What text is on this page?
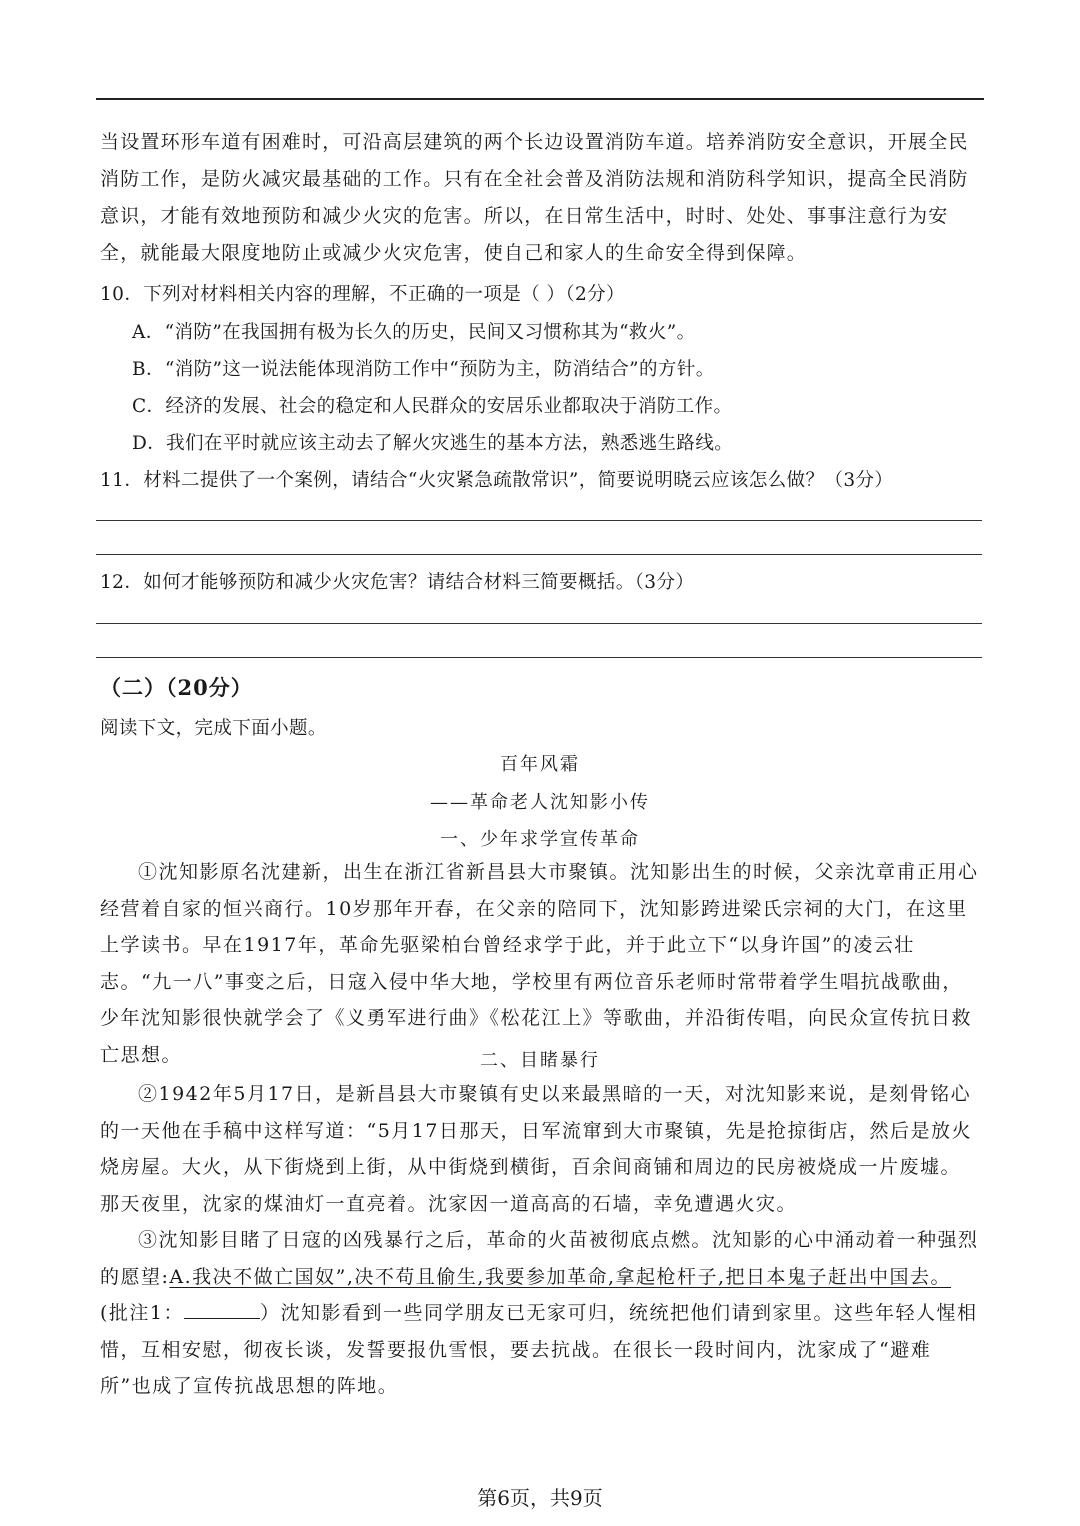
当设置环形车道有困难时，可沿高层建筑的两个长边设置消防车道。培养消防安全意识，开展全民消防工作，是防火减灾最基础的工作。只有在全社会普及消防法规和消防科学知识，提高全民消防意识，才能有效地预防和减少火灾的危害。所以，在日常生活中，时时、处处、事事注意行为安全，就能最大限度地防止或减少火灾危害，使自己和家人的生命安全得到保障。
10．下列对材料相关内容的理解，不正确的一项是（ ）（2分）
A．“消防”在我国拥有极为长久的历史，民间又习惯称其为“救火”。
B．“消防”这一说法能体现消防工作中“预防为主，防消结合”的方针。
C．经济的发展、社会的稳定和人民群众的安居乐业都取决于消防工作。
D．我们在平时就应该主动去了解火灾逃生的基本方法，熟悉逃生路线。
11．材料二提供了一个案例，请结合“火灾紧急疏散常识”，简要说明晓云应该怎么做？（3分）
12．如何才能够预防和减少火灾危害？请结合材料三简要概括。（3分）
（二）（20分）
阅读下文，完成下面小题。
百年风霜
——革命老人沈知影小传
一、少年求学宣传革命
①沈知影原名沈建新，出生在浙江省新昌县大市聚镇。沈知影出生的时候，父亲沈章甫正用心经营着自家的恒兴商行。10岁那年开春，在父亲的陪同下，沈知影跨进梁氏宗祠的大门，在这里上学读书。早在1917年，革命先驱梁柏台曾经求学于此，并于此立下“以身许国”的凌云壮志。“九一八”事变之后，日寇入侵中华大地，学校里有两位音乐老师时常带着学生唱抗战歌曲，少年沈知影很快就学会了《义勇军进行曲》《松花江上》等歌曲，并沿街传唱，向民众宣传抗日救亡思想。	二、目睹暴行
②1942年5月17日，是新昌县大市聚镇有史以来最黑暗的一天，对沈知影来说，是刻骨铭心的一天他在手稿中这样写道：“5月17日那天，日军流窜到大市聚镇，先是抢掠街店，然后是放火烧房屋。大火，从下街烧到上街，从中街烧到横街，百余间商铺和周边的民房被烧成一片废墟。那天夜里，沈家的煤油灯一直亮着。沈家因一道高高的石墙，幸免遭遇火灾。
③沈知影目睹了日寇的凶残暴行之后，革命的火苗被彻底点燃。沈知影的心中涌动着一种强烈的愿望:A.我决不做亡国奴”,决不苟且偷生,我要参加革命,拿起枪杆子,把日本鬼子赶出中国去。(批注1：	）沈知影看到一些同学朋友已无家可归，统统把他们请到家里。这些年轻人惺相惜，互相安慰，彻夜长谈，发誓要报仇雪恨，要去抗战。在很长一段时间内，沈家成了“避难所”也成了宣传抗战思想的阵地。
第6页，共9页
